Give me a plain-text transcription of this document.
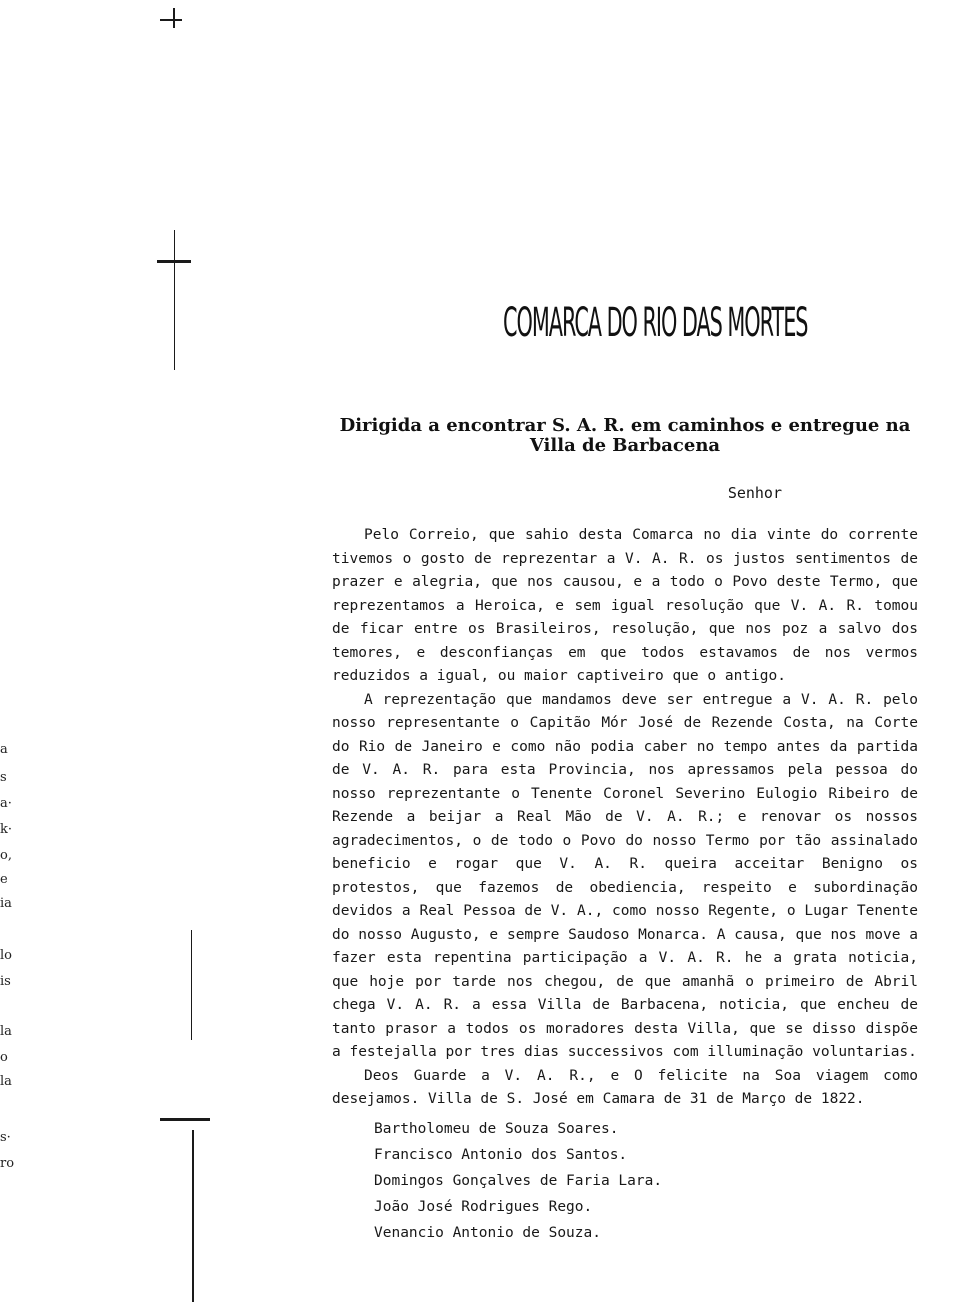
a
s
a·
k·
o,
e
ia
lo
is
la
o
la
s·
ro
COMARCA DO RIO DAS MORTES
Dirigida a encontrar S. A. R. em caminhos e entregue na Villa de Barbacena
Senhor

Pelo Correio, que sahio desta Comarca no dia vinte do corrente tivemos o gosto de reprezentar a V. A. R. os justos sentimentos de prazer e alegria, que nos causou, e a todo o Povo deste Termo, que reprezentamos a Heroica, e sem igual resolução que V. A. R. tomou de ficar entre os Brasileiros, resolução, que nos poz a salvo dos temores, e desconfianças em que todos estavamos de nos vermos reduzidos a igual, ou maior captiveiro que o antigo.

A reprezentação que mandamos deve ser entregue a V. A. R. pelo nosso representante o Capitão Mór José de Rezende Costa, na Corte do Rio de Janeiro e como não podia caber no tempo antes da partida de V. A. R. para esta Provincia, nos apressamos pela pessoa do nosso reprezentante o Tenente Coronel Severino Eulogio Ribeiro de Rezende a beijar a Real Mão de V. A. R.; e renovar os nossos agradecimentos, o de todo o Povo do nosso Termo por tão assinalado beneficio e rogar que V. A. R. queira acceitar Benigno os protestos, que fazemos de obediencia, respeito e subordinação devidos a Real Pessoa de V. A., como nosso Regente, o Lugar Tenente do nosso Augusto, e sempre Saudoso Monarca. A causa, que nos move a fazer esta repentina participação a V. A. R. he a grata noticia, que hoje por tarde nos chegou, de que amanhã o primeiro de Abril chega V. A. R. a essa Villa de Barbacena, noticia, que encheu de tanto prasor a todos os moradores desta Villa, que se disso dispõe a festejalla por tres dias successivos com illuminação voluntarias.

Deos Guarde a V. A. R., e O felicite na Soa viagem como desejamos. Villa de S. José em Camara de 31 de Março de 1822.

Bartholomeu de Souza Soares.
Francisco Antonio dos Santos.
Domingos Gonçalves de Faria Lara.
João José Rodrigues Rego.
Venancio Antonio de Souza.
